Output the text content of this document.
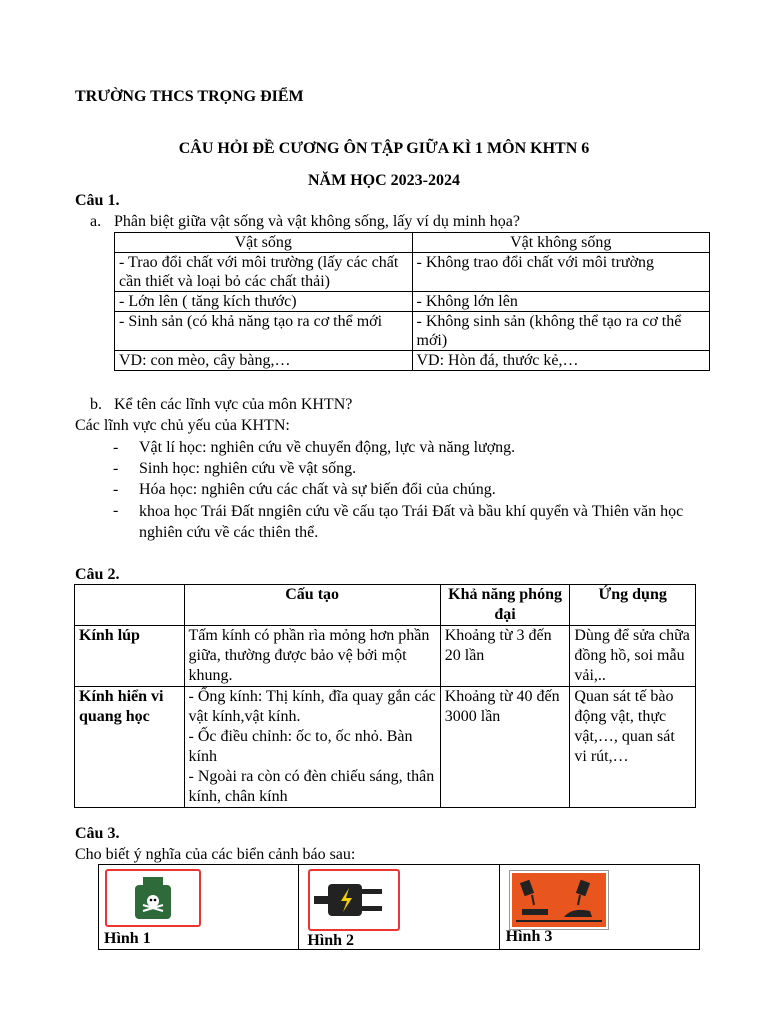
TRƯỜNG THCS TRỌNG ĐIỂM
CÂU HỎI ĐỀ CƯƠNG ÔN TẬP GIỮA KÌ 1 MÔN KHTN 6
NĂM HỌC 2023-2024
Câu 1.
a. Phân biệt giữa vật sống và vật không sống, lấy ví dụ minh họa?
Vật sống	Vật không sống
- Trao đổi chất với môi trường (lấy các chất cần thiết và loại bỏ các chất thải)	- Không trao đổi chất với môi trường
- Lớn lên ( tăng kích thước)	- Không lớn lên
- Sinh sản (có khả năng tạo ra cơ thể mới	- Không sinh sản (không thể tạo ra cơ thể mới)
VD: con mèo, cây bàng,…	VD: Hòn đá, thước kẻ,…
b. Kể tên các lĩnh vực của môn KHTN?
Các lĩnh vực chủ yếu của KHTN:
- Vật lí học: nghiên cứu về chuyển động, lực và năng lượng.
- Sinh học: nghiên cứu về vật sống.
- Hóa học: nghiên cứu các chất và sự biến đổi của chúng.
- khoa học Trái Đất nngiên cứu về cấu tạo Trái Đất và bầu khí quyển và Thiên văn học nghiên cứu về các thiên thể.
Câu 2.
	Cấu tạo	Khả năng phóng đại	Ứng dụng
Kính lúp	Tấm kính có phần rìa mỏng hơn phần giữa, thường được bảo vệ bởi một khung.	Khoảng từ 3 đến 20 lần	Dùng để sửa chữa đồng hồ, soi mẫu vải,..
Kính hiển vi quang học	- Ống kính: Thị kính, đĩa quay gắn các vật kính,vật kính.
- Ốc điều chỉnh: ốc to, ốc nhỏ. Bàn kính
- Ngoài ra còn có đèn chiếu sáng, thân kính, chân kính	Khoảng từ 40 đến 3000 lần	Quan sát tế bào động vật, thực vật,…, quan sát vi rút,…
Câu 3.
Cho biết ý nghĩa của các biển cảnh báo sau:
Hình 1	Hình 2	Hình 3
